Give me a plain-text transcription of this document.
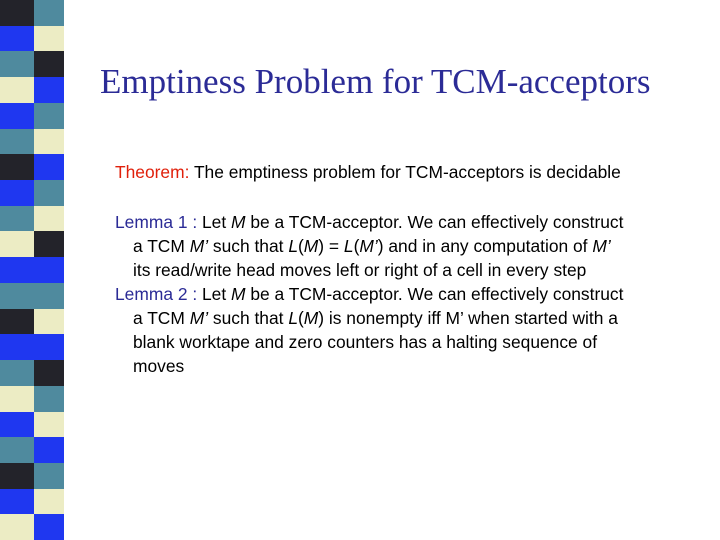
Emptiness Problem for TCM-acceptors

Theorem: The emptiness problem for TCM-acceptors is decidable

Lemma 1 : Let M be a TCM-acceptor. We can effectively construct
a TCM M’ such that L(M) = L(M’) and in any computation of M’
its read/write head moves left or right of a cell in every step

Lemma 2 : Let M be a TCM-acceptor. We can effectively construct
a TCM M’ such that L(M) is nonempty iff M’ when started with a
blank worktape and zero counters has a halting sequence of
moves
